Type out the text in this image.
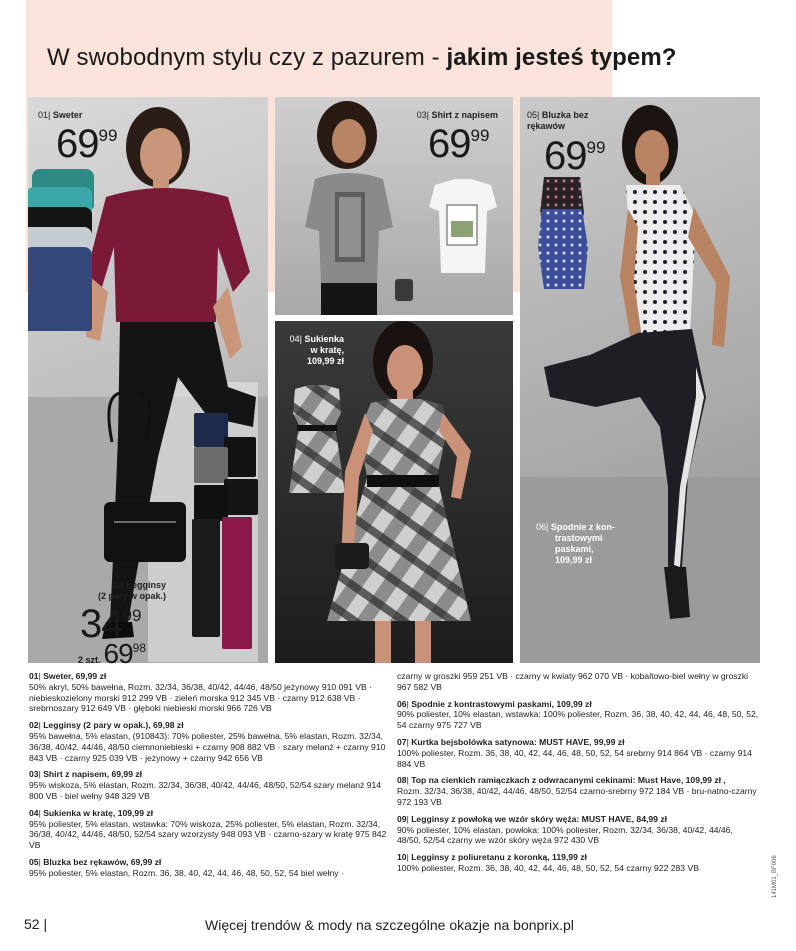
W swobodnym stylu czy z pazurem - jakim jesteś typem?
01| Sweter
6999
02| Legginsy
(2 pary w opak.)
3499
2 szt. $69^{98}$
03| Shirt z napisem
6999
04| Sukienka
w kratę,
109,99 zł
05| Bluzka bez
rękawów
6999
06| Spodnie z kon-
trastowymi
paskami,
109,99 zł
01| Sweter, 69,99 zł
50% akryl, 50% bawełna, Rozm. 32/34, 36/38, 40/42, 44/46, 48/50 jeżynowy 910 091 VB · niebieskozielony morski 912 299 VB · zieleń morska 912 345 VB · czarny 912 638 VB · srebrnoszary 912 649 VB · głęboki niebieski morski 966 726 VB
02| Legginsy (2 pary w opak.), 69,98 zł
95% bawełna, 5% elastan, (910843): 70% poliester, 25% bawełna, 5% elastan, Rozm. 32/34, 36/38, 40/42, 44/46, 48/50 ciemnoniebieski + czarny 908 882 VB · szary melanż + czarny 910 843 VB · czarny 925 039 VB · jeżynowy + czarny 942 656 VB
03| Shirt z napisem, 69,99 zł
95% wiskoza, 5% elastan, Rozm. 32/34, 36/38, 40/42, 44/46, 48/50, 52/54 szary melanż 914 800 VB · biel wełny 948 329 VB
04| Sukienka w kratę, 109,99 zł
95% poliester, 5% elastan, wstawka: 70% wiskoza, 25% poliester, 5% elastan, Rozm. 32/34, 36/38, 40/42, 44/46, 48/50, 52/54 szary wzorzysty 948 093 VB · czarno-szary w kratę 975 842 VB
05| Bluzka bez rękawów, 69,99 zł
95% poliester, 5% elastan, Rozm. 36, 38, 40, 42, 44, 46, 48, 50, 52, 54 biel wełny ·
czarny w groszki 959 251 VB · czarny w kwiaty 962 070 VB · kobaltowo-biel wełny w groszki 967 582 VB
06| Spodnie z kontrastowymi paskami, 109,99 zł
90% poliester, 10% elastan, wstawka: 100% poliester, Rozm. 36, 38, 40, 42, 44, 46, 48, 50, 52, 54 czarny 975 727 VB
07| Kurtka bejsbolówka satynowa: MUST HAVE, 99,99 zł
100% poliester, Rozm. 36, 38, 40, 42, 44, 46, 48, 50, 52, 54 srebrny 914 864 VB · czarny 914 884 VB
08| Top na cienkich ramiączkach z odwracanymi cekinami: Must Have, 109,99 zł ,
Rozm. 32/34, 36/38, 40/42, 44/46, 48/50, 52/54 czarno-srebrny 972 184 VB · bru-natno-czarny 972 193 VB
09| Legginsy z powłoką we wzór skóry węża: MUST HAVE, 84,99 zł
90% poliester, 10% elastan, powłoka: 100% poliester, Rozm. 32/34, 36/38, 40/42, 44/46, 48/50, 52/54 czarny we wzór skóry węża 972 430 VB
10| Legginsy z poliuretanu z koronką, 119,99 zł
100% poliester, Rozm. 36, 38, 40, 42, 44, 46, 48, 50, 52, 54 czarny 922 283 VB
52 |	Więcej trendów & mody na szczególne okazje na bonprix.pl
141M01_BF006
